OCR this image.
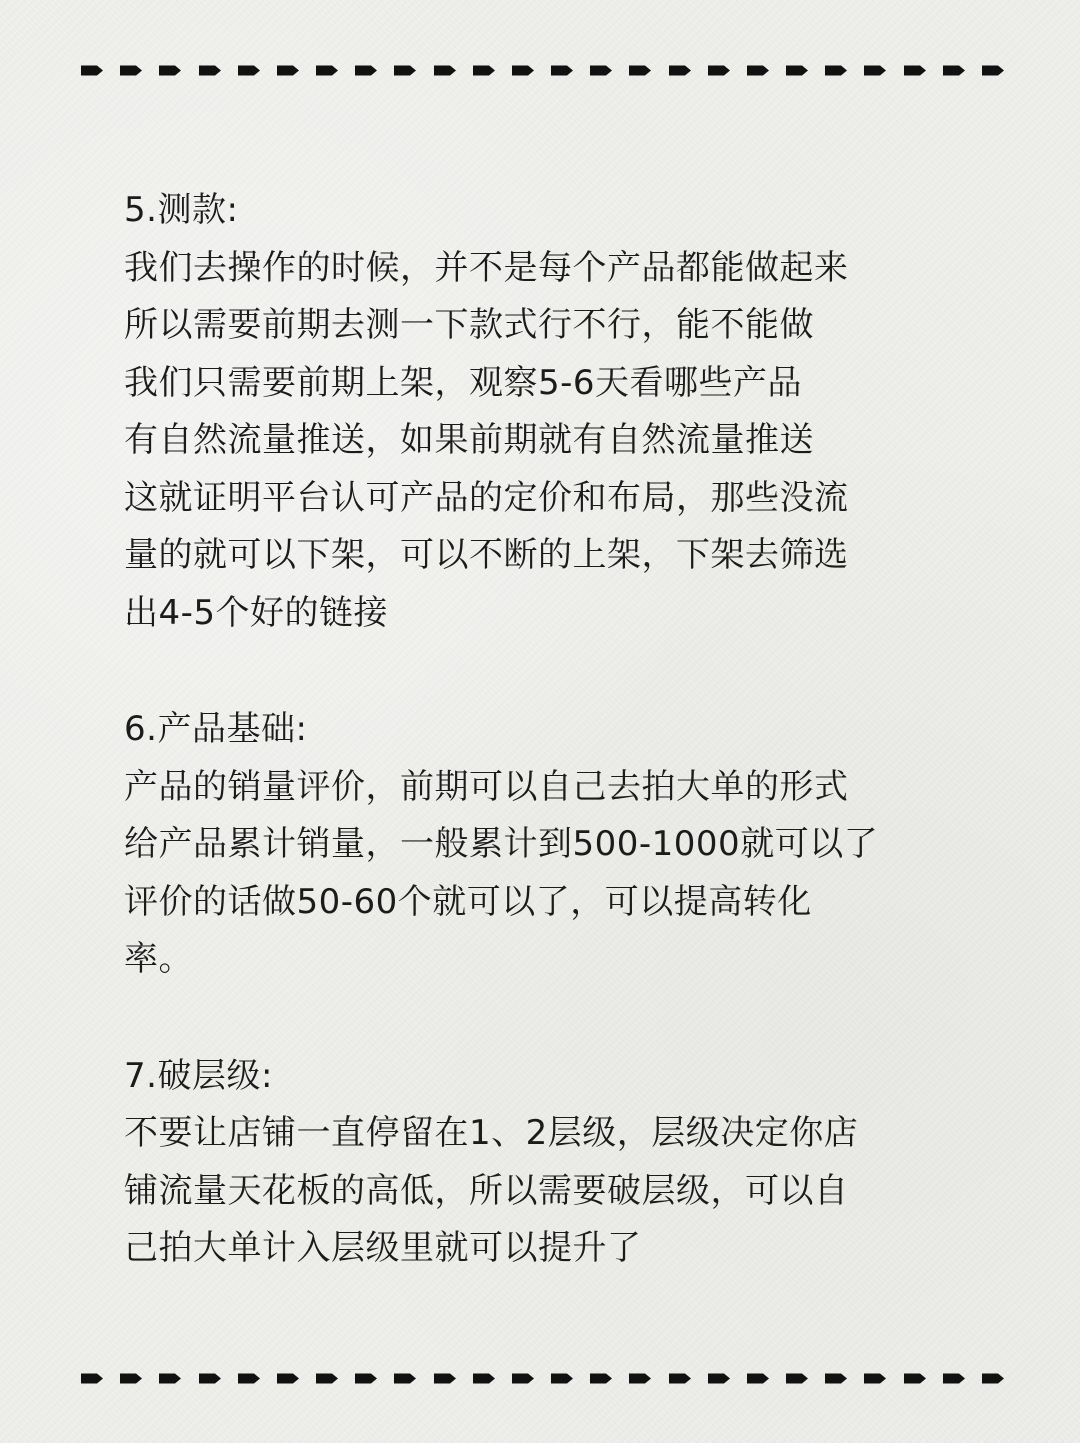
5.测款:
我们去操作的时候，并不是每个产品都能做起来
所以需要前期去测一下款式行不行，能不能做
我们只需要前期上架，观察5-6天看哪些产品
有自然流量推送，如果前期就有自然流量推送
这就证明平台认可产品的定价和布局，那些没流
量的就可以下架，可以不断的上架，下架去筛选
出4-5个好的链接
6.产品基础:
产品的销量评价，前期可以自己去拍大单的形式
给产品累计销量，一般累计到500-1000就可以了
评价的话做50-60个就可以了，可以提高转化
率。
7.破层级:
不要让店铺一直停留在1、2层级，层级决定你店
铺流量天花板的高低，所以需要破层级，可以自
己拍大单计入层级里就可以提升了
